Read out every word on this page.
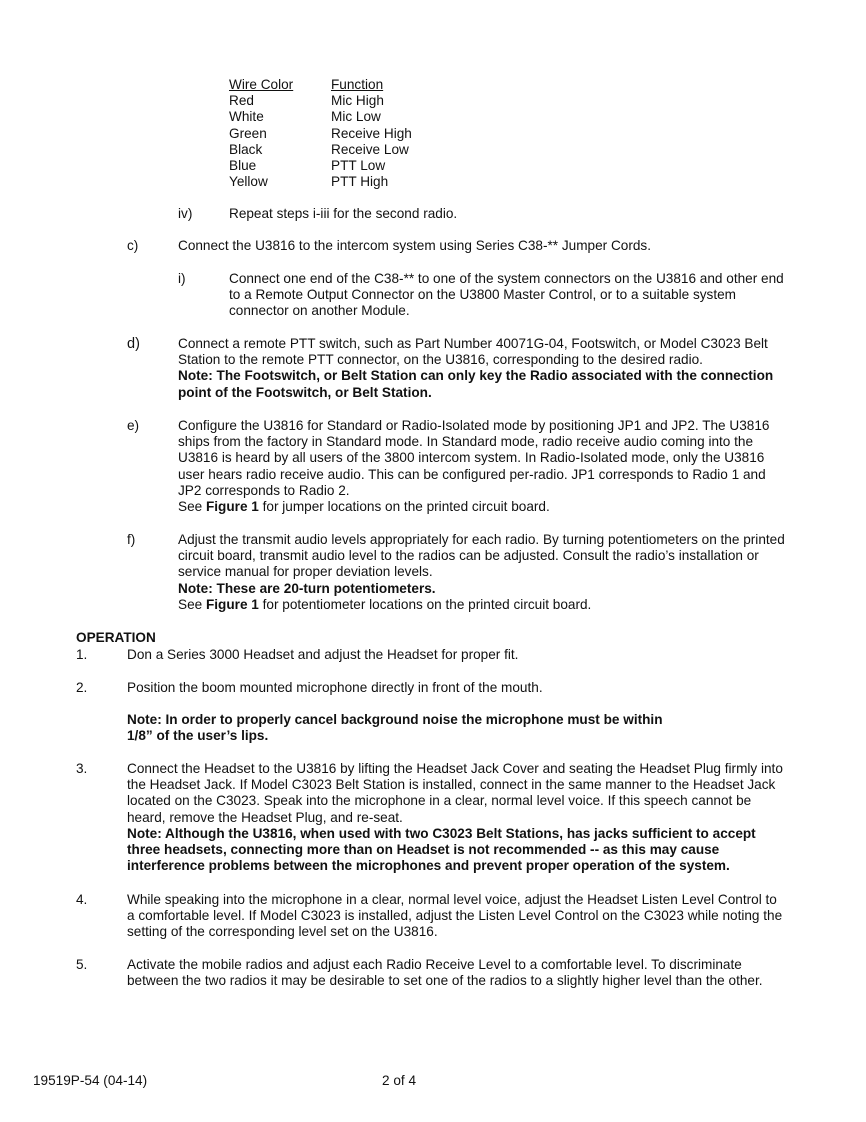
Wire Color	Function
Red	Mic High
White	Mic Low
Green	Receive High
Black	Receive Low
Blue	PTT Low
Yellow	PTT High
iv)	Repeat steps i-iii for the second radio.
c)	Connect the U3816 to the intercom system using Series C38-** Jumper Cords.
i)	Connect one end of the C38-** to one of the system connectors on the U3816 and other end
to a Remote Output Connector on the U3800 Master Control, or to a suitable system
connector on another Module.
d)	Connect a remote PTT switch, such as Part Number 40071G-04, Footswitch, or Model C3023 Belt
Station to the remote PTT connector, on the U3816, corresponding to the desired radio.
Note: The Footswitch, or Belt Station can only key the Radio associated with the connection
point of the Footswitch, or Belt Station.
e)	Configure the U3816 for Standard or Radio-Isolated mode by positioning JP1 and JP2. The U3816
ships from the factory in Standard mode. In Standard mode, radio receive audio coming into the
U3816 is heard by all users of the 3800 intercom system. In Radio-Isolated mode, only the U3816
user hears radio receive audio. This can be configured per-radio. JP1 corresponds to Radio 1 and
JP2 corresponds to Radio 2.
See Figure 1 for jumper locations on the printed circuit board.
f)	Adjust the transmit audio levels appropriately for each radio. By turning potentiometers on the printed
circuit board, transmit audio level to the radios can be adjusted. Consult the radio’s installation or
service manual for proper deviation levels.
Note: These are 20-turn potentiometers.
See Figure 1 for potentiometer locations on the printed circuit board.
OPERATION
1.	Don a Series 3000 Headset and adjust the Headset for proper fit.
2.	Position the boom mounted microphone directly in front of the mouth.
Note: In order to properly cancel background noise the microphone must be within
1/8” of the user’s lips.
3.	Connect the Headset to the U3816 by lifting the Headset Jack Cover and seating the Headset Plug firmly into
the Headset Jack. If Model C3023 Belt Station is installed, connect in the same manner to the Headset Jack
located on the C3023. Speak into the microphone in a clear, normal level voice. If this speech cannot be
heard, remove the Headset Plug, and re-seat.
Note: Although the U3816, when used with two C3023 Belt Stations, has jacks sufficient to accept
three headsets, connecting more than on Headset is not recommended -- as this may cause
interference problems between the microphones and prevent proper operation of the system.
4.	While speaking into the microphone in a clear, normal level voice, adjust the Headset Listen Level Control to
a comfortable level. If Model C3023 is installed, adjust the Listen Level Control on the C3023 while noting the
setting of the corresponding level set on the U3816.
5.	Activate the mobile radios and adjust each Radio Receive Level to a comfortable level. To discriminate
between the two radios it may be desirable to set one of the radios to a slightly higher level than the other.
19519P-54 (04-14)	2 of 4
